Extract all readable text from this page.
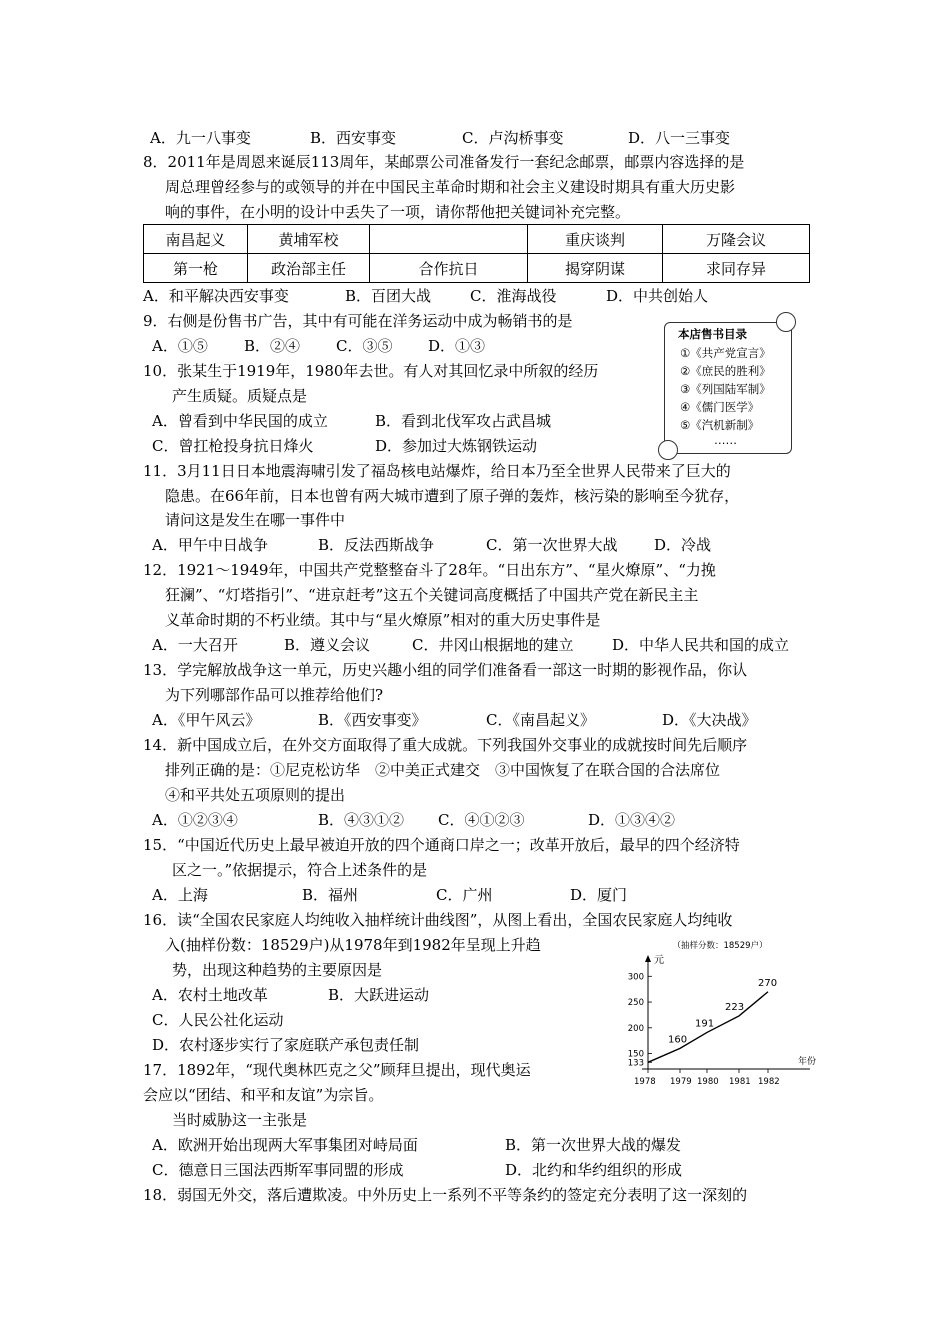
A．九一八事变	B．西安事变	C．卢沟桥事变	D．八一三事变
8．2011年是周恩来诞辰113周年，某邮票公司准备发行一套纪念邮票，邮票内容选择的是
周总理曾经参与的或领导的并在中国民主革命时期和社会主义建设时期具有重大历史影
响的事件，在小明的设计中丢失了一项，请你帮他把关键词补充完整。
南昌起义	黄埔军校		重庆谈判	万隆会议
第一枪	政治部主任	合作抗日	揭穿阴谋	求同存异
A．和平解决西安事变	B．百团大战	C．淮海战役	D．中共创始人
9．右侧是份售书广告，其中有可能在洋务运动中成为畅销书的是
A．①⑤ B．②④ C．③⑤ D．①③
本店售书目录
①《共产党宣言》
②《庶民的胜利》
③《列国陆军制》
④《儒门医学》
⑤《汽机新制》
……
10．张某生于1919年，1980年去世。有人对其回忆录中所叙的经历
产生质疑。质疑点是
A．曾看到中华民国的成立	B．看到北伐军攻占武昌城
C．曾扛枪投身抗日烽火	D．参加过大炼钢铁运动
11．3月11日日本地震海啸引发了福岛核电站爆炸，给日本乃至全世界人民带来了巨大的
隐患。在66年前，日本也曾有两大城市遭到了原子弹的轰炸，核污染的影响至今犹存，
请问这是发生在哪一事件中
A．甲午中日战争	B．反法西斯战争	C．第一次世界大战 D．冷战
12．1921～1949年，中国共产党整整奋斗了28年。“日出东方”、“星火燎原”、“力挽
狂澜”、“灯塔指引”、“进京赶考”这五个关键词高度概括了中国共产党在新民主主
义革命时期的不朽业绩。其中与“星火燎原”相对的重大历史事件是
A．一大召开	B．遵义会议	C．井冈山根据地的建立	D．中华人民共和国的成立
13．学完解放战争这一单元，历史兴趣小组的同学们准备看一部这一时期的影视作品，你认
为下列哪部作品可以推荐给他们?
A．《甲午风云》	B．《西安事变》	C．《南昌起义》	D．《大决战》
14．新中国成立后，在外交方面取得了重大成就。下列我国外交事业的成就按时间先后顺序
排列正确的是：①尼克松访华　②中美正式建交　③中国恢复了在联合国的合法席位
④和平共处五项原则的提出
A．①②③④	B．④③①② C．④①②③	D．①③④②
15．“中国近代历史上最早被迫开放的四个通商口岸之一；改革开放后，最早的四个经济特
区之一。”依据提示，符合上述条件的是
A．上海	B．福州	C．广州	D．厦门
16．读“全国农民家庭人均纯收入抽样统计曲线图”，从图上看出，全国农民家庭人均纯收
入(抽样份数：18529户)从1978年到1982年呈现上升趋
势，出现这种趋势的主要原因是
A．农村土地改革	B．大跃进运动
C．人民公社化运动
D．农村逐步实行了家庭联产承包责任制
（抽样分数：18529户）
元
年份
133
150
200
250
300
1978 1979 1980 1981 1982
160
191
223
270
17．1892年，“现代奥林匹克之父”顾拜旦提出，现代奥运
会应以“团结、和平和友谊”为宗旨。
当时威胁这一主张是
A．欧洲开始出现两大军事集团对峙局面	B．第一次世界大战的爆发
C．德意日三国法西斯军事同盟的形成	D．北约和华约组织的形成
18．弱国无外交，落后遭欺凌。中外历史上一系列不平等条约的签定充分表明了这一深刻的
